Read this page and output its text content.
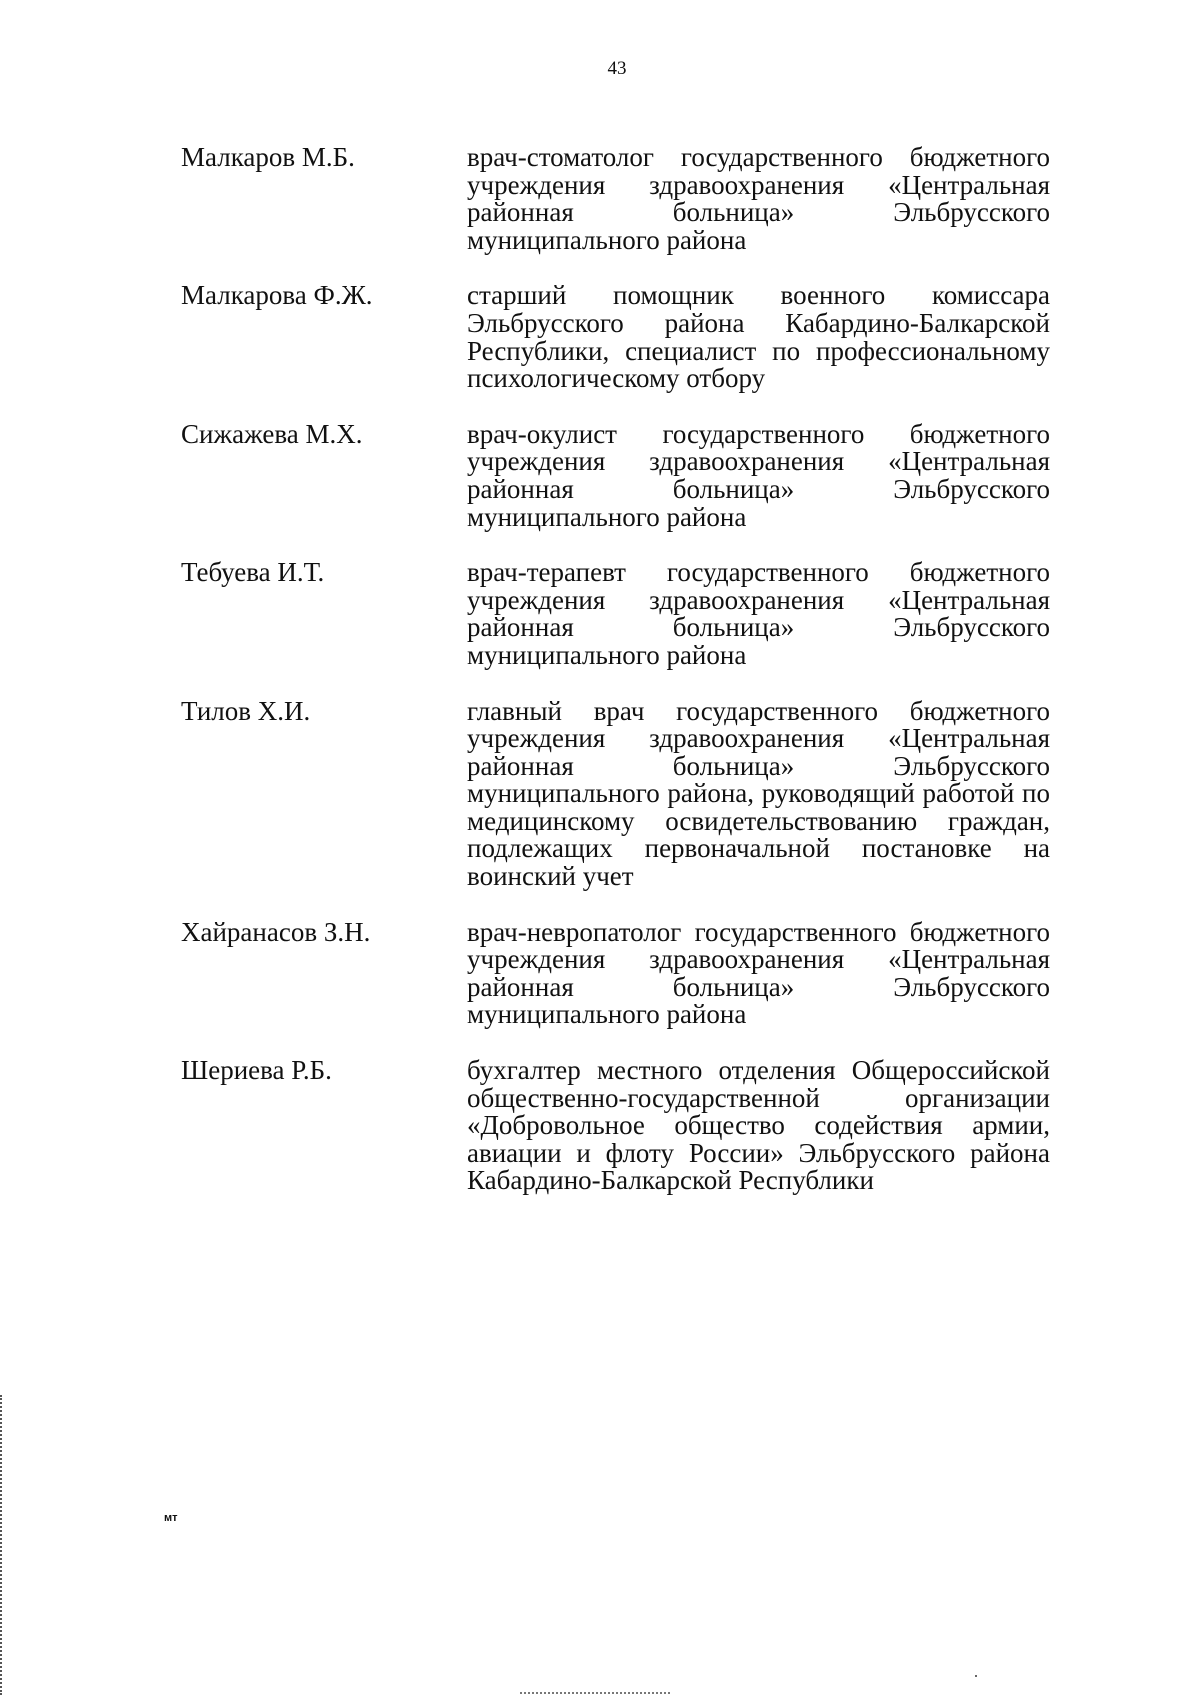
43
Малкаров М.Б.	врач-стоматолог государственного бюджетного учреждения здравоохранения «Центральная районная больница» Эльбрусского муниципального района
Малкарова Ф.Ж.	старший помощник военного комиссара Эльбрусского района Кабардино-Балкарской Республики, специалист по профессиональному психологическому отбору
Сижажева М.Х.	врач-окулист государственного бюджетного учреждения здравоохранения «Центральная районная больница» Эльбрусского муниципального района
Тебуева И.Т.	врач-терапевт государственного бюджетного учреждения здравоохранения «Центральная районная больница» Эльбрусского муниципального района
Тилов Х.И.	главный врач государственного бюджетного учреждения здравоохранения «Центральная районная больница» Эльбрусского муниципального района, руководящий работой по медицинскому освидетельствованию граждан, подлежащих первоначальной постановке на воинский учет
Хайранасов З.Н.	врач-невропатолог государственного бюджетного учреждения здравоохранения «Центральная районная больница» Эльбрусского муниципального района
Шериева Р.Б.	бухгалтер местного отделения Общероссийской общественно-государственной организации «Добровольное общество содействия армии, авиации и флоту России» Эльбрусского района Кабардино-Балкарской Республики
мт
